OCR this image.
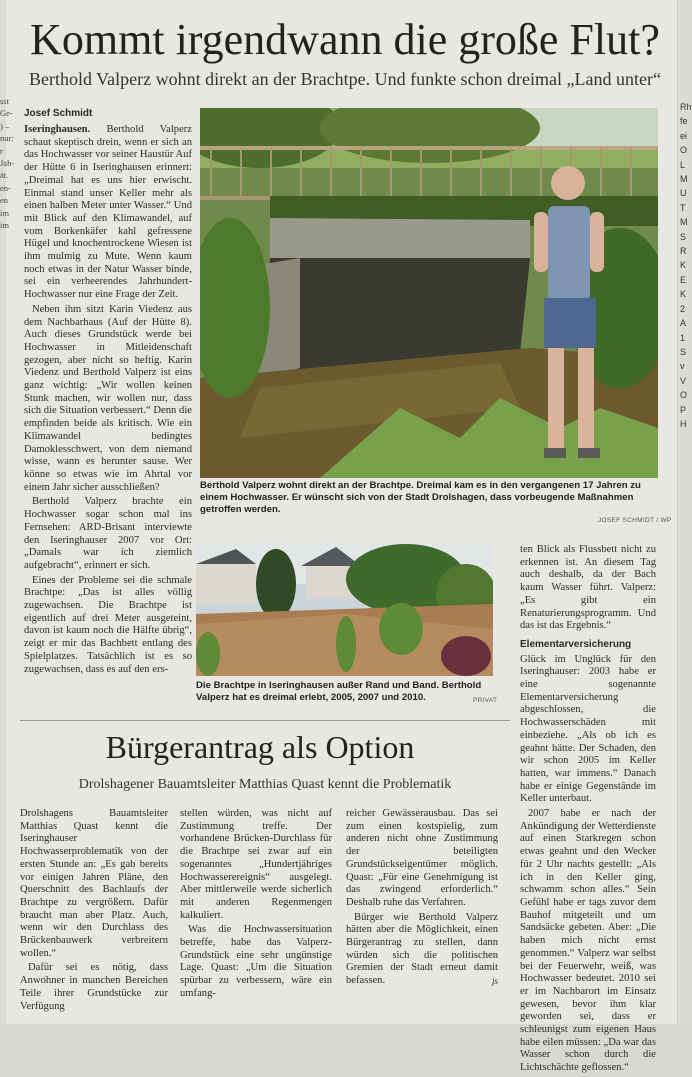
sst Ge- ) – nur: r Jah- ät. en- en im im
Rh fe ei O L M U T M S R K E K 2 A 1 S v V O P H
Kommt irgendwann die große Flut?
Berthold Valperz wohnt direkt an der Brachtpe. Und funkte schon dreimal „Land unter“
Josef Schmidt

Iseringhausen. Berthold Valperz schaut skeptisch drein, wenn er sich an das Hochwasser vor seiner Haustür Auf der Hütte 6 in Iseringhausen erinnert: „Dreimal hat es uns hier erwischt. Einmal stand unser Keller mehr als einen halben Meter unter Wasser.“ Und mit Blick auf den Klimawandel, auf vom Borkenkäfer kahl gefressene Hügel und knochentrockene Wiesen ist ihm mulmig zu Mute. Wenn kaum noch etwas in der Natur Wasser binde, sei ein verheerendes Jahrhundert-Hochwasser nur eine Frage der Zeit.

Neben ihm sitzt Karin Viedenz aus dem Nachbarhaus (Auf der Hütte 8). Auch dieses Grundstück werde bei Hochwasser in Mitleidenschaft gezogen, aber nicht so heftig. Karin Viedenz und Berthold Valperz ist eins ganz wichtig: „Wir wollen keinen Stunk machen, wir wollen nur, dass sich die Situation verbessert.“ Denn die empfinden beide als kritisch. Wie ein Klimawandel bedingtes Damoklesschwert, von dem niemand wisse, wann es herunter sause. Wer könne so etwas wie im Ahrtal vor einem Jahr sicher ausschließen?

Berthold Valperz brachte ein Hochwasser sogar schon mal ins Fernsehen: ARD-Brisant interviewte den Iseringhauser 2007 vor Ort: „Damals war ich ziemlich aufgebracht“, erinnert er sich.

Eines der Probleme sei die schmale Brachtpe: „Das ist alles völlig zugewachsen. Die Brachtpe ist eigentlich auf drei Meter ausgeteint, davon ist kaum noch die Hälfte übrig“, zeigt er mir das Bachbett entlang des Spielplatzes. Tatsächlich ist es so zugewachsen, dass es auf den ers-

Berthold Valperz wohnt direkt an der Brachtpe. Dreimal kam es in den vergangenen 17 Jahren zu einem Hochwasser. Er wünscht sich von der Stadt Drolshagen, dass vorbeugende Maßnahmen getroffen werden.
JOSEF SCHMIDT / WP
Die Brachtpe in Iseringhausen außer Rand und Band. Berthold Valperz hat es dreimal erlebt, 2005, 2007 und 2010.	PRIVAT

ten Blick als Flussbett nicht zu erkennen ist. An diesem Tag auch deshalb, da der Bach kaum Wasser führt. Valperz: „Es gibt ein Renaturierungsprogramm. Und das ist das Ergebnis.“

Elementarversicherung

Glück im Unglück für den Iseringhauser: 2003 habe er eine sogenannte Elementarversicherung abgeschlossen, die Hochwasserschäden mit einbeziehe. „Als ob ich es geahnt hätte. Der Schaden, den wir schon 2005 im Keller hatten, war immens.“ Danach habe er einige Gegenstände im Keller unterbaut.

2007 habe er nach der Ankündigung der Wetterdienste auf einen Starkregen schon etwas geahnt und den Wecker für 2 Uhr nachts gestellt: „Als ich in den Keller ging, schwamm schon alles.“ Sein Gefühl habe er tags zuvor dem Bauhof mitgeteilt und um Sandsäcke gebeten. Aber: „Die haben mich nicht ernst genommen.“ Valperz war selbst bei der Feuerwehr, weiß, was Hochwasser bedeutet. 2010 sei er im Nachbarort im Einsatz gewesen, bevor ihm klar geworden sei, dass er schleunigst zum eigenen Haus habe eilen müssen: „Da war das Wasser schon durch die Lichtschächte geflossen.“

Bürgerantrag als Option
Drolshagener Bauamtsleiter Matthias Quast kennt die Problematik

Drolshagens Bauamtsleiter Matthias Quast kennt die Iseringhauser Hochwasserproblematik von der ersten Stunde an: „Es gab bereits vor einigen Jahren Pläne, den Querschnitt des Bachlaufs der Brachtpe zu vergrößern. Dafür braucht man aber Platz. Auch, wenn wir den Durchlass des Brückenbauwerk verbreitern wollen.“

Dafür sei es nötig, dass Anwohner in manchen Bereichen Teile ihrer Grundstücke zur Verfügung

stellen würden, was nicht auf Zustimmung treffe. Der vorhandene Brücken-Durchlass für die Brachtpe sei zwar auf ein sogenanntes „Hundertjähriges Hochwasserereignis“ ausgelegt. Aber mittlerweile werde sicherlich mit anderen Regenmengen kalkuliert.

Was die Hochwassersituation betreffe, habe das Valperz-Grundstück eine sehr ungünstige Lage. Quast: „Um die Situation spürbar zu verbessern, wäre ein umfang-

reicher Gewässerausbau. Das sei zum einen kostspielig, zum anderen nicht ohne Zustimmung der beteiligten Grundstückseigentümer möglich. Quast: „Für eine Genehmigung ist das zwingend erforderlich.“ Deshalb ruhe das Verfahren.

Bürger wie Berthold Valperz hätten aber die Möglichkeit, einen Bürgerantrag zu stellen, dann würden sich die politischen Gremien der Stadt erneut damit befassen.	js
